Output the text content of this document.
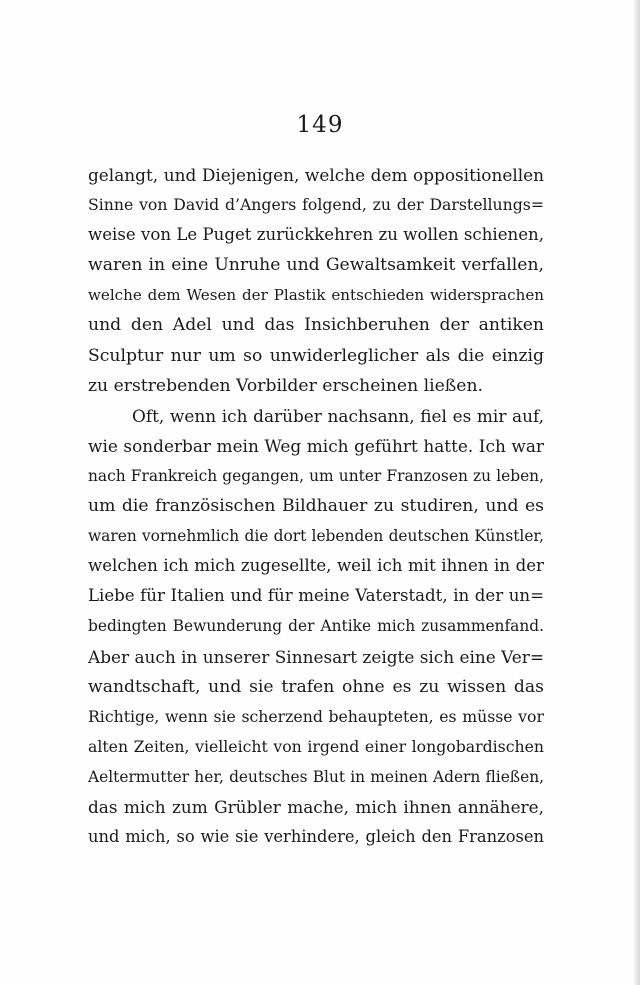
149
gelangt, und Diejenigen, welche dem oppositionellen
Sinne von David d’Angers folgend, zu der Darstellungs=
weise von Le Puget zurückkehren zu wollen schienen,
waren in eine Unruhe und Gewaltsamkeit verfallen,
welche dem Wesen der Plastik entschieden widersprachen
und den Adel und das Insichberuhen der antiken
Sculptur nur um so unwiderleglicher als die einzig
zu erstrebenden Vorbilder erscheinen ließen.
Oft, wenn ich darüber nachsann, fiel es mir auf,
wie sonderbar mein Weg mich geführt hatte. Ich war
nach Frankreich gegangen, um unter Franzosen zu leben,
um die französischen Bildhauer zu studiren, und es
waren vornehmlich die dort lebenden deutschen Künstler,
welchen ich mich zugesellte, weil ich mit ihnen in der
Liebe für Italien und für meine Vaterstadt, in der un=
bedingten Bewunderung der Antike mich zusammenfand.
Aber auch in unserer Sinnesart zeigte sich eine Ver=
wandtschaft, und sie trafen ohne es zu wissen das
Richtige, wenn sie scherzend behaupteten, es müsse vor
alten Zeiten, vielleicht von irgend einer longobardischen
Aeltermutter her, deutsches Blut in meinen Adern fließen,
das mich zum Grübler mache, mich ihnen annähere,
und mich, so wie sie verhindere, gleich den Franzosen
